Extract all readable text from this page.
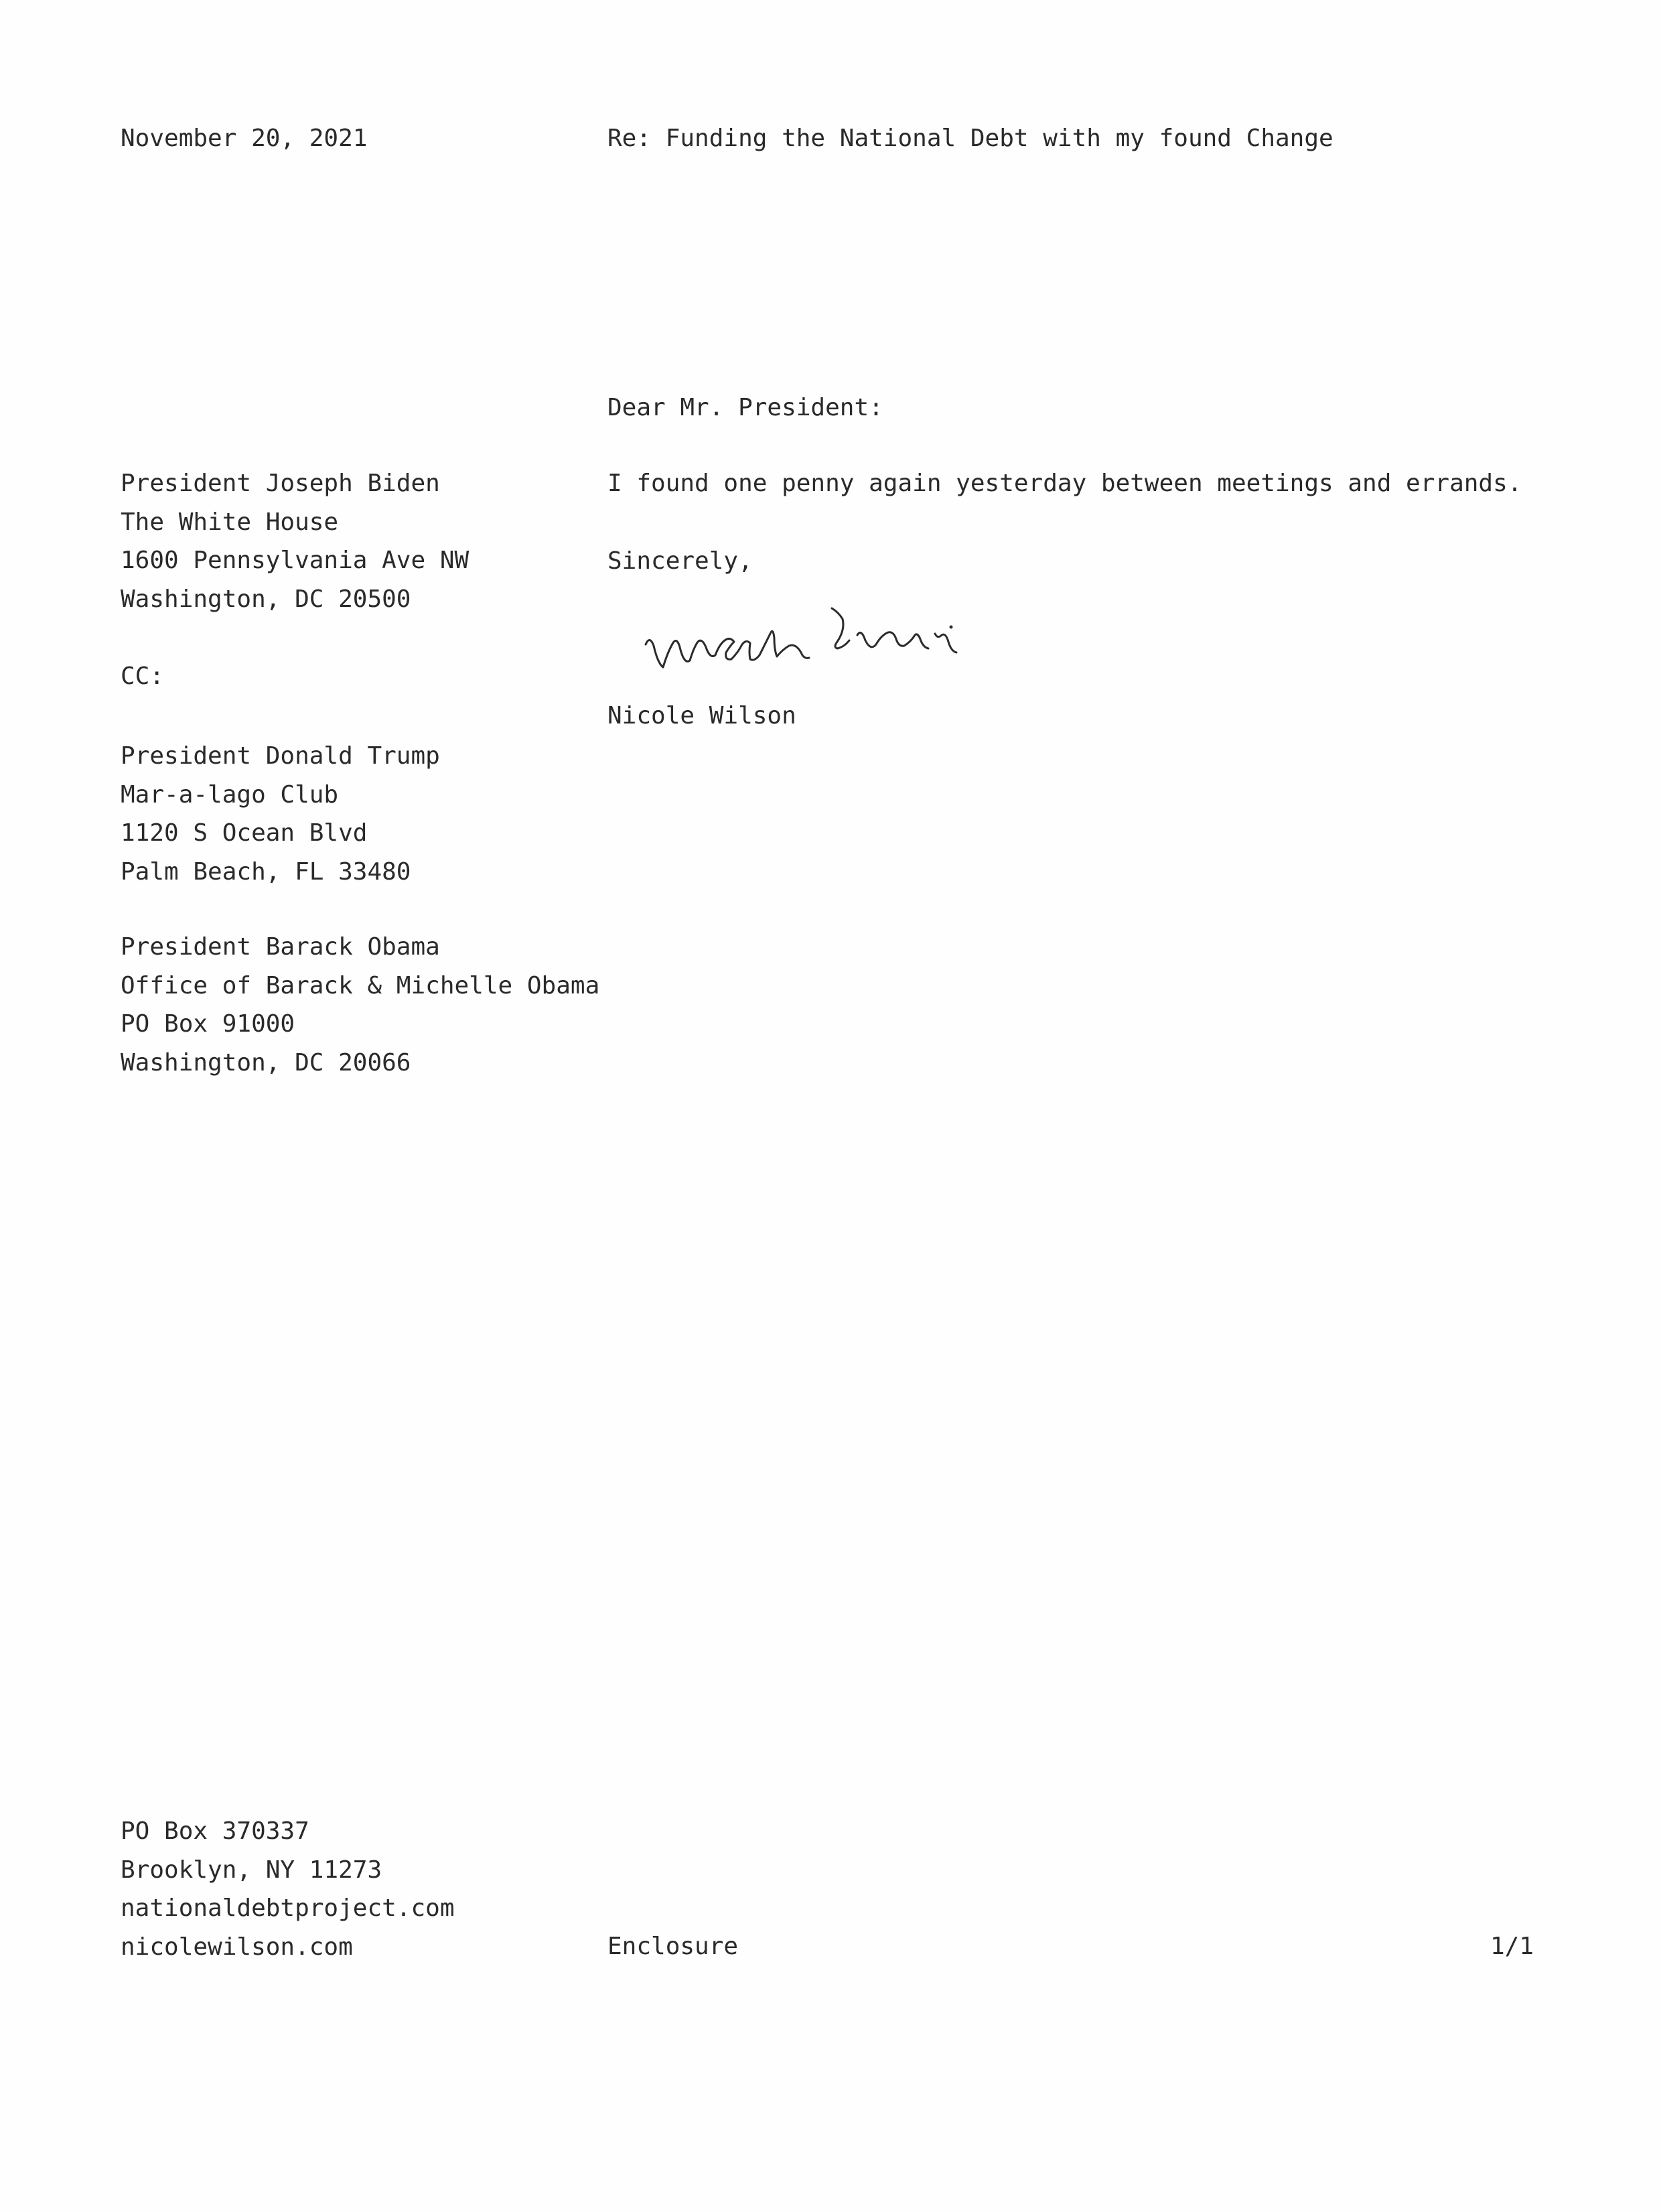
November 20, 2021	Re: Funding the National Debt with my found Change
Dear Mr. President:
President Joseph Biden
The White House
1600 Pennsylvania Ave NW
Washington, DC 20500
I found one penny again yesterday between meetings and errands.
Sincerely,
CC:
Nicole Wilson
President Donald Trump
Mar-a-lago Club
1120 S Ocean Blvd
Palm Beach, FL 33480
President Barack Obama
Office of Barack & Michelle Obama
PO Box 91000
Washington, DC 20066
PO Box 370337
Brooklyn, NY 11273
nationaldebtproject.com
nicolewilson.com	Enclosure	1/1
